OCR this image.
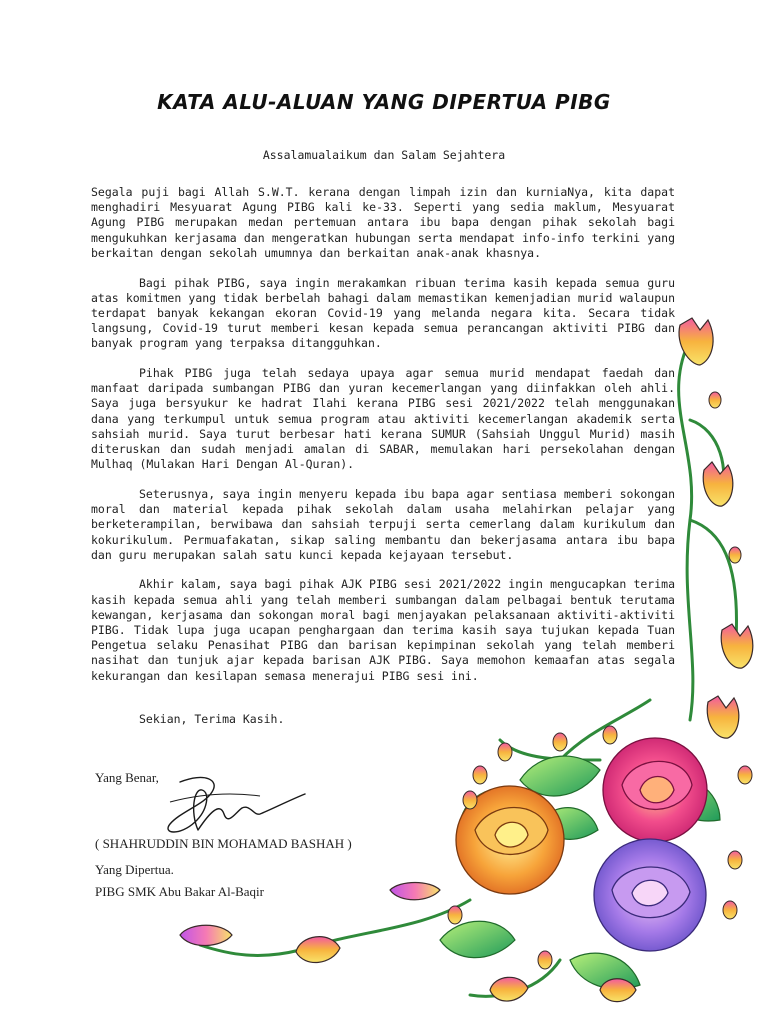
KATA ALU-ALUAN YANG DIPERTUA PIBG
Assalamualaikum dan Salam Sejahtera

Segala puji bagi Allah S.W.T. kerana dengan limpah izin dan kurniaNya, kita dapat menghadiri Mesyuarat Agung PIBG kali ke-33. Seperti yang sedia maklum, Mesyuarat Agung PIBG merupakan medan pertemuan antara ibu bapa dengan pihak sekolah bagi mengukuhkan kerjasama dan mengeratkan hubungan serta mendapat info-info terkini yang berkaitan dengan sekolah umumnya dan berkaitan anak-anak khasnya.

Bagi pihak PIBG, saya ingin merakamkan ribuan terima kasih kepada semua guru atas komitmen yang tidak berbelah bahagi dalam memastikan kemenjadian murid walaupun terdapat banyak kekangan ekoran Covid-19 yang melanda negara kita. Secara tidak langsung, Covid-19 turut memberi kesan kepada semua perancangan aktiviti PIBG dan banyak program yang terpaksa ditangguhkan.

Pihak PIBG juga telah sedaya upaya agar semua murid mendapat faedah dan manfaat daripada sumbangan PIBG dan yuran kecemerlangan yang diinfakkan oleh ahli. Saya juga bersyukur ke hadrat Ilahi kerana PIBG sesi 2021/2022 telah menggunakan dana yang terkumpul untuk semua program atau aktiviti kecemerlangan akademik serta sahsiah murid. Saya turut berbesar hati kerana SUMUR (Sahsiah Unggul Murid) masih diteruskan dan sudah menjadi amalan di SABAR, memulakan hari persekolahan dengan Mulhaq (Mulakan Hari Dengan Al-Quran).

Seterusnya, saya ingin menyeru kepada ibu bapa agar sentiasa memberi sokongan moral dan material kepada pihak sekolah dalam usaha melahirkan pelajar yang berketerampilan, berwibawa dan sahsiah terpuji serta cemerlang dalam kurikulum dan kokurikulum. Permuafakatan, sikap saling membantu dan bekerjasama antara ibu bapa dan guru merupakan salah satu kunci kepada kejayaan tersebut.

Akhir kalam, saya bagi pihak AJK PIBG sesi 2021/2022 ingin mengucapkan terima kasih kepada semua ahli yang telah memberi sumbangan dalam pelbagai bentuk terutama kewangan, kerjasama dan sokongan moral bagi menjayakan pelaksanaan aktiviti-aktiviti PIBG. Tidak lupa juga ucapan penghargaan dan terima kasih saya tujukan kepada Tuan Pengetua selaku Penasihat PIBG dan barisan kepimpinan sekolah yang telah memberi nasihat dan tunjuk ajar kepada barisan AJK PIBG. Saya memohon kemaafan atas segala kekurangan dan kesilapan semasa menerajui PIBG sesi ini.

Sekian, Terima Kasih.
Yang Benar,
( SHAHRUDDIN BIN MOHAMAD BASHAH )
Yang Dipertua.
PIBG SMK Abu Bakar Al-Baqir
